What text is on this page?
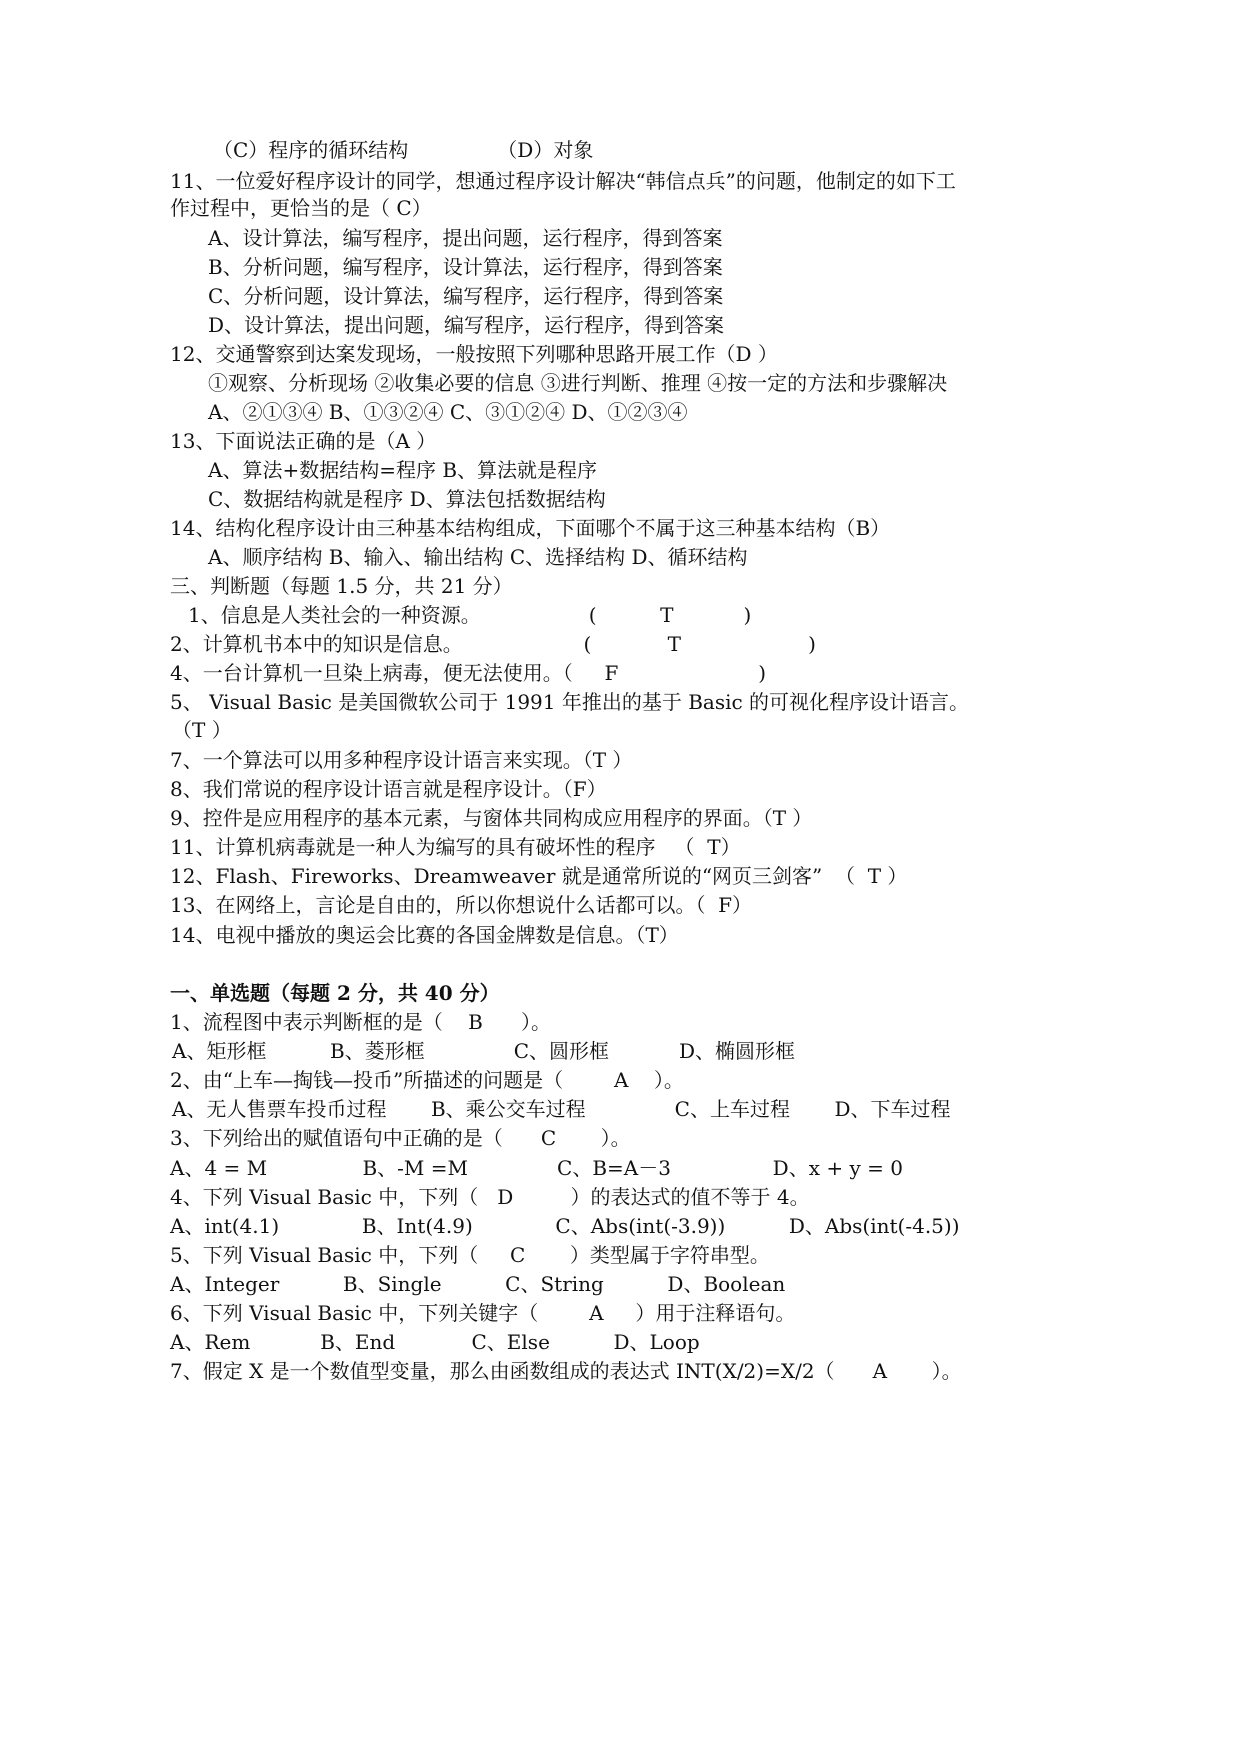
（C）程序的循环结构              （D）对象
11、一位爱好程序设计的同学，想通过程序设计解决“韩信点兵”的问题，他制定的如下工
作过程中，更恰当的是（ C）
A、设计算法，编写程序，提出问题，运行程序，得到答案
B、分析问题，编写程序，设计算法，运行程序，得到答案
C、分析问题，设计算法，编写程序，运行程序，得到答案
D、设计算法，提出问题，编写程序，运行程序，得到答案
12、交通警察到达案发现场，一般按照下列哪种思路开展工作（D ）
①观察、分析现场 ②收集必要的信息 ③进行判断、推理 ④按一定的方法和步骤解决
A、②①③④ B、①③②④ C、③①②④ D、①②③④
13、下面说法正确的是（A ）
A、算法+数据结构=程序 B、算法就是程序
C、数据结构就是程序 D、算法包括数据结构
14、结构化程序设计由三种基本结构组成，下面哪个不属于这三种基本结构（B）
A、顺序结构 B、输入、输出结构 C、选择结构 D、循环结构
三、判断题（每题 1.5 分，共 21 分）
1、信息是人类社会的一种资源。                 (          T           )
2、计算机书本中的知识是信息。                   (            T                    )
4、一台计算机一旦染上病毒，便无法使用。（     F                      )
5、 Visual Basic 是美国微软公司于 1991 年推出的基于 Basic 的可视化程序设计语言。
（T ）
7、一个算法可以用多种程序设计语言来实现。（T ）
8、我们常说的程序设计语言就是程序设计。（F）
9、控件是应用程序的基本元素，与窗体共同构成应用程序的界面。（T ）
11、计算机病毒就是一种人为编写的具有破坏性的程序   （  T）
12、Flash、Fireworks、Dreamweaver 就是通常所说的“网页三剑客”  （  T ）
13、在网络上，言论是自由的，所以你想说什么话都可以。（  F）
14、电视中播放的奥运会比赛的各国金牌数是信息。（T）
一、单选题（每题 2 分，共 40 分）
1、流程图中表示判断框的是（    B      ）。
A、矩形框          B、菱形框              C、圆形框           D、椭圆形框
2、由“上车—掏钱—投币”所描述的问题是（        A    ）。
A、无人售票车投币过程       B、乘公交车过程              C、上车过程       D、下车过程
3、下列给出的赋值语句中正确的是（      C       ）。
A、4 = M               B、-M =M              C、B=A－3                D、x + y = 0
4、下列 Visual Basic 中，下列（   D         ）的表达式的值不等于 4。
A、int(4.1)             B、Int(4.9)             C、Abs(int(-3.9))          D、Abs(int(-4.5))
5、下列 Visual Basic 中，下列（     C       ）类型属于字符串型。
A、Integer          B、Single          C、String          D、Boolean
6、下列 Visual Basic 中，下列关键字（        A     ）用于注释语句。
A、Rem           B、End            C、Else          D、Loop
7、假定 X 是一个数值型变量，那么由函数组成的表达式 INT(X/2)=X/2（      A       ）。
